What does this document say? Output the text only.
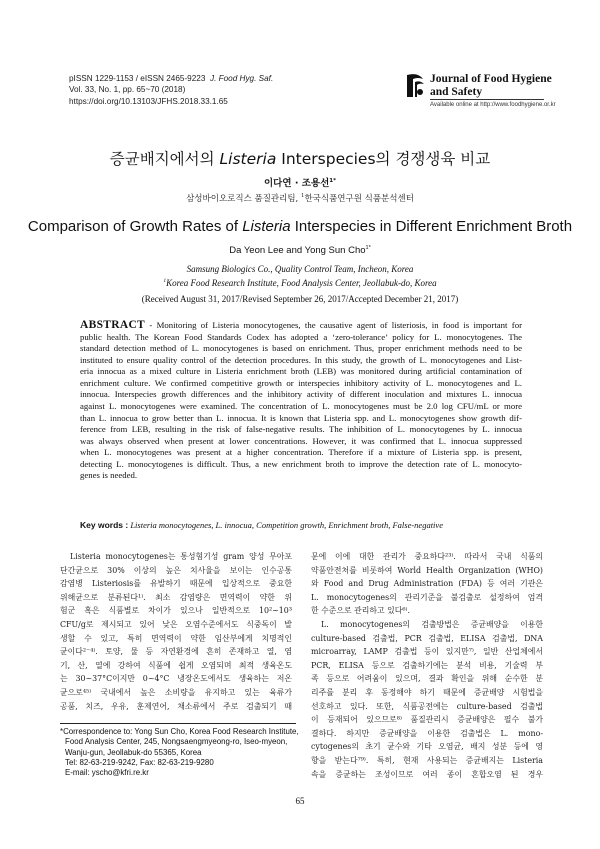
pISSN 1229-1153 / eISSN 2465-9223 J. Food Hyg. Saf.
Vol. 33, No. 1, pp. 65~70 (2018)
https://doi.org/10.13103/JFHS.2018.33.1.65
Journal of Food Hygiene
and Safety
Available online at http://www.foodhygiene.or.kr
증균배지에서의 Listeria Interspecies의 경쟁생육 비교
이다연 · 조용선$^{1*}$
삼성바이오로직스 품질관리팀, $^1$한국식품연구원 식품분석센터
Comparison of Growth Rates of Listeria Interspecies in Different Enrichment Broth
Da Yeon Lee and Yong Sun Cho$^{1*}$
Samsung Biologics Co., Quality Control Team, Incheon, Korea
$^1$Korea Food Research Institute, Food Analysis Center, Jeollabuk-do, Korea
(Received August 31, 2017/Revised September 26, 2017/Accepted December 21, 2017)
ABSTRACT - Monitoring of Listeria monocytogenes, the causative agent of listeriosis, in food is important for
public health. The Korean Food Standards Codex has adopted a ‘zero-tolerance’ policy for L. monocytogenes. The
standard detection method of L. monocytogenes is based on enrichment. Thus, proper enrichment methods need to be
instituted to ensure quality control of the detection procedures. In this study, the growth of L. monocytogenes and List-
eria innocua as a mixed culture in Listeria enrichment broth (LEB) was monitored during artificial contamination of
enrichment culture. We confirmed competitive growth or interspecies inhibitory activity of L. monocytogenes and L.
innocua. Interspecies growth differences and the inhibitory activity of different inoculation and mixtures L. innocua
against L. monocytogenes were examined. The concentration of L. monocytogenes must be 2.0 log CFU/mL or more
than L. innocua to grow better than L. innocua. It is known that Listeria spp. and L. monocytogenes show growth dif-
ference from LEB, resulting in the risk of false-negative results. The inhibition of L. monocytogenes by L. innocua
was always observed when present at lower concentrations. However, it was confirmed that L. innocua suppressed
when L. monocytogenes was present at a higher concentration. Therefore if a mixture of Listeria spp. is present,
detecting L. monocytogenes is difficult. Thus, a new enrichment broth to improve the detection rate of L. monocyto-
genes is needed.
Key words : Listeria monocytogenes, L. innocua, Competition growth, Enrichment broth, False-negative
Listeria monocytogenes는 통성혐기성 gram 양성 무아포
단간균으로 30% 이상의 높은 치사율을 보이는 인수공통
감염병 Listeriosis를 유발하기 때문에 입상적으로 중요한
위해균으로 분류된다¹⁾. 최소 감염량은 면역력이 약한 위
험군 혹은 식품별로 차이가 있으나 일반적으로 10²~10³
CFU/g로 제시되고 있어 낮은 오염수준에서도 식중독이 발
생할 수 있고, 특히 면역력이 약한 임산부에게 치명적인
균이다²⁻⁴⁾. 토양, 물 등 자연환경에 흔히 존재하고 열, 염
기, 산, 열에 강하여 식품에 쉽게 오염되며 최적 생육온도
는 30~37°C이지만 0~4°C 냉장온도에서도 생육하는 저온
균으로⁴⁵⁾ 국내에서 높은 소비량을 유지하고 있는 육류가
공품, 치즈, 우유, 훈제연어, 채소류에서 주로 검출되기 때
문에 이에 대한 관리가 중요하다²³⁾. 따라서 국내 식품의
약품안전처를 비롯하여 World Health Organization (WHO)
와 Food and Drug Administration (FDA) 등 여러 기관은
L. monocytogenes의 관리기준을 불검출로 설정하여 엄격
한 수준으로 관리하고 있다⁶⁾.
L. monocytogenes의 검출방법은 증균배양을 이용한
culture-based 검출법, PCR 검출법, ELISA 검출법, DNA
microarray, LAMP 검출법 등이 있지만⁷⁾, 일반 산업체에서
PCR, ELISA 등으로 검출하기에는 분석 비용, 기술력 부
족 등으로 어려움이 있으며, 결과 확인을 위해 순수한 분
리주를 분리 후 동정해야 하기 때문에 증균배양 시험법을
선호하고 있다. 또한, 식품공전에는 culture-based 검출법
이 등재되어 있으므로⁸⁾ 품질관리시 증균배양은 필수 불가
결하다. 하지만 증균배양을 이용한 검출법은 L. mono-
cytogenes의 초기 균수와 기타 오염균, 배지 성분 등에 영
향을 받는다⁷⁹⁾. 특히, 현재 사용되는 증균배지는 Listeria
속을 증균하는 조성이므로 여러 종이 혼합오염 된 경우
*Correspondence to: Yong Sun Cho, Korea Food Research Institute,
Food Analysis Center, 245, Nongsaengmyeong-ro, Iseo-myeon,
Wanju-gun, Jeollabuk-do 55365, Korea
Tel: 82-63-219-9242, Fax: 82-63-219-9280
E-mail: yscho@kfri.re.kr
65
